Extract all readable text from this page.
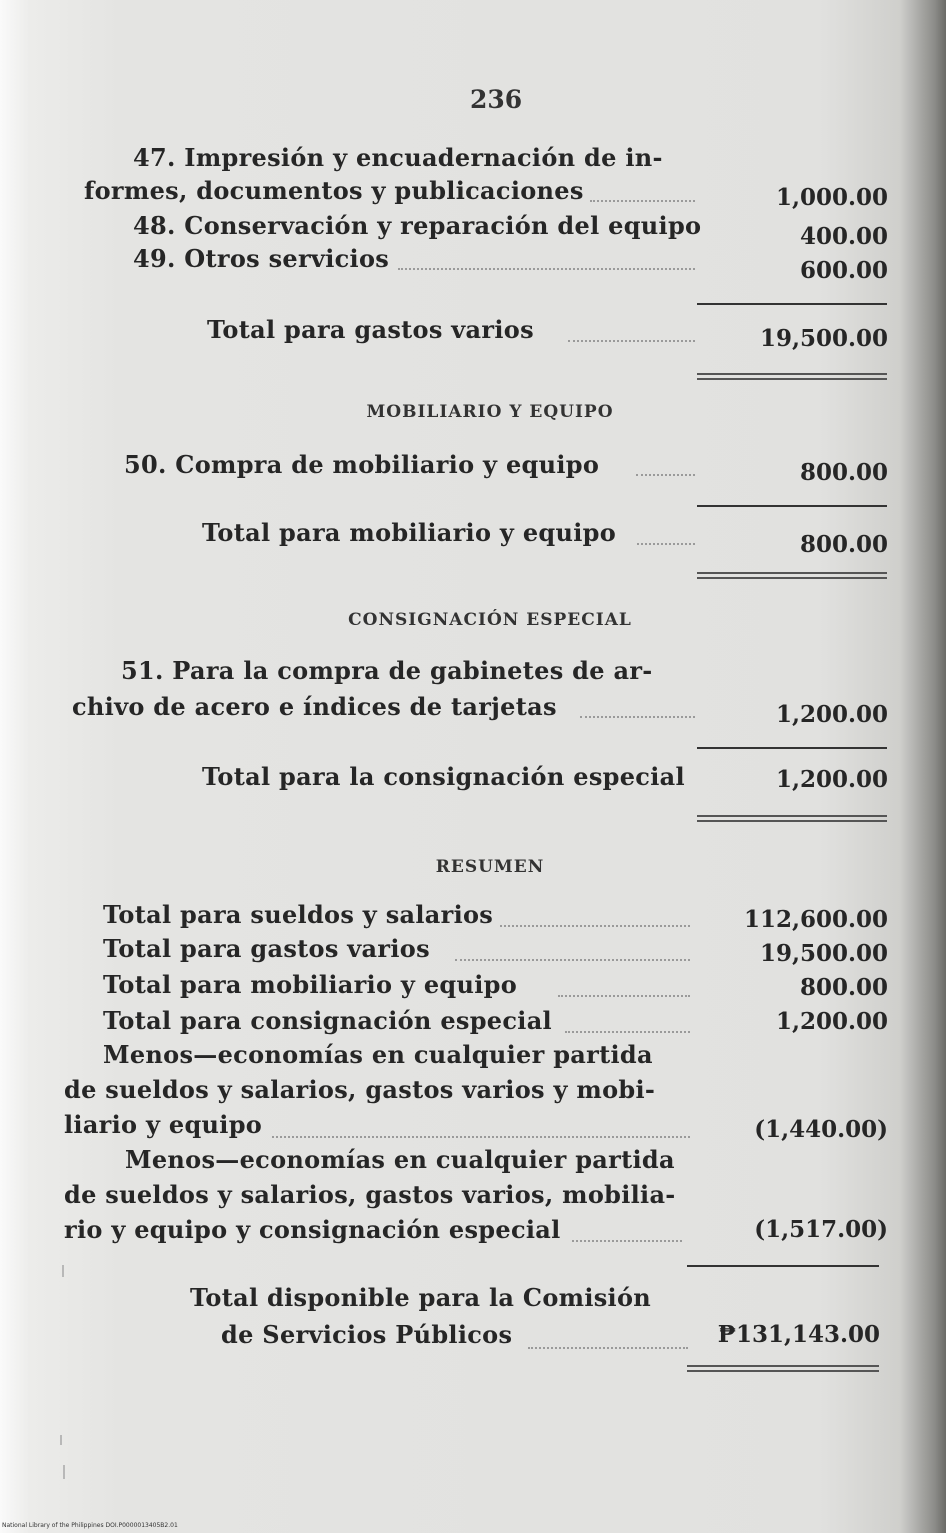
236
47. Impresión y encuadernación de in-
formes, documentos y publicaciones	1,000.00
48. Conservación y reparación del equipo	400.00
49. Otros servicios	600.00
Total para gastos varios	19,500.00
MOBILIARIO Y EQUIPO
50. Compra de mobiliario y equipo	800.00
Total para mobiliario y equipo	800.00
CONSIGNACIÓN ESPECIAL
51. Para la compra de gabinetes de ar-
chivo de acero e índices de tarjetas	1,200.00
Total para la consignación especial	1,200.00
RESUMEN
Total para sueldos y salarios	112,600.00
Total para gastos varios	19,500.00
Total para mobiliario y equipo	800.00
Total para consignación especial	1,200.00
Menos—economías en cualquier partida
de sueldos y salarios, gastos varios y mobi-
liario y equipo	(1,440.00)
Menos—economías en cualquier partida
de sueldos y salarios, gastos varios, mobilia-
rio y equipo y consignación especial	(1,517.00)
Total disponible para la Comisión
de Servicios Públicos	₱131,143.00
National Library of the Philippines DOI.P0000013405B2.01
